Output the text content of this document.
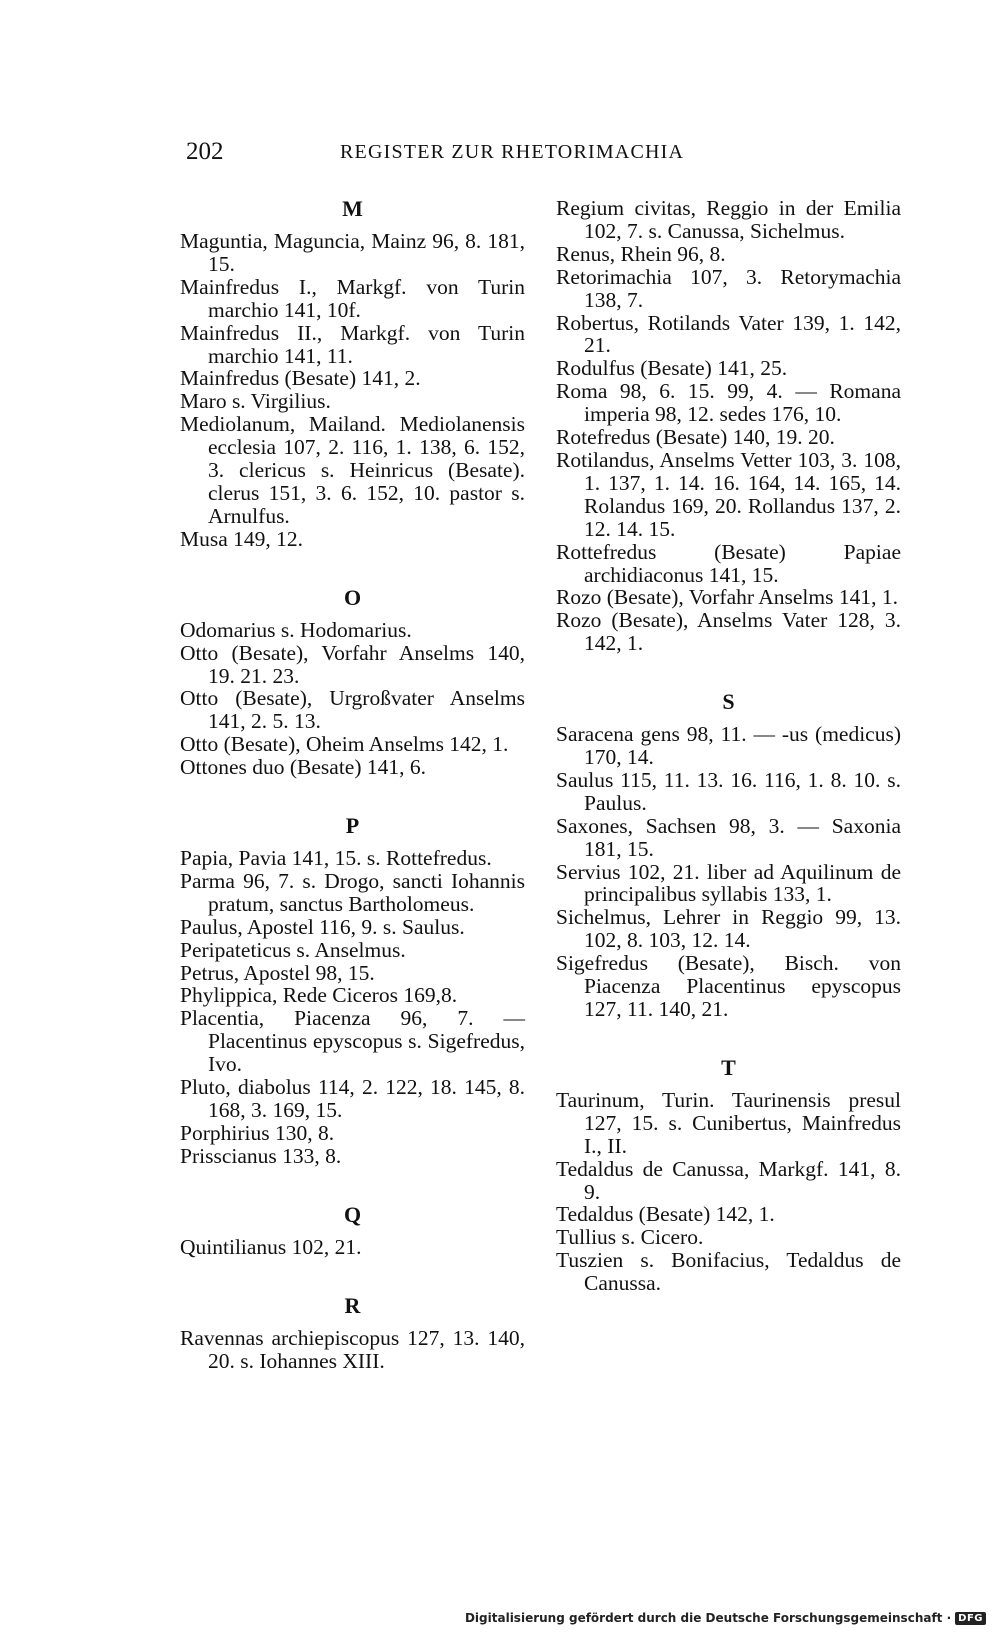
202	REGISTER ZUR RHETORIMACHIA
M
Maguntia, Maguncia, Mainz 96, 8. 181, 15.
Mainfredus I., Markgf. von Turin marchio 141, 10f.
Mainfredus II., Markgf. von Turin marchio 141, 11.
Mainfredus (Besate) 141, 2.
Maro s. Virgilius.
Mediolanum, Mailand. Mediolanensis ecclesia 107, 2. 116, 1. 138, 6. 152, 3. clericus s. Heinricus (Besate). clerus 151, 3. 6. 152, 10. pastor s. Arnulfus.
Musa 149, 12.
O
Odomarius s. Hodomarius.
Otto (Besate), Vorfahr Anselms 140, 19. 21. 23.
Otto (Besate), Urgroßvater Anselms 141, 2. 5. 13.
Otto (Besate), Oheim Anselms 142, 1.
Ottones duo (Besate) 141, 6.
P
Papia, Pavia 141, 15. s. Rottefredus.
Parma 96, 7. s. Drogo, sancti Iohannis pratum, sanctus Bartholomeus.
Paulus, Apostel 116, 9. s. Saulus.
Peripateticus s. Anselmus.
Petrus, Apostel 98, 15.
Phylippica, Rede Ciceros 169,8.
Placentia, Piacenza 96, 7. — Placentinus epyscopus s. Sigefredus, Ivo.
Pluto, diabolus 114, 2. 122, 18. 145, 8. 168, 3. 169, 15.
Porphirius 130, 8.
Prisscianus 133, 8.
Q
Quintilianus 102, 21.
R
Ravennas archiepiscopus 127, 13. 140, 20. s. Iohannes XIII.
Regium civitas, Reggio in der Emilia 102, 7. s. Canussa, Sichelmus.
Renus, Rhein 96, 8.
Retorimachia 107, 3. Retorymachia 138, 7.
Robertus, Rotilands Vater 139, 1. 142, 21.
Rodulfus (Besate) 141, 25.
Roma 98, 6. 15. 99, 4. — Romana imperia 98, 12. sedes 176, 10.
Rotefredus (Besate) 140, 19. 20.
Rotilandus, Anselms Vetter 103, 3. 108, 1. 137, 1. 14. 16. 164, 14. 165, 14. Rolandus 169, 20. Rollandus 137, 2. 12. 14. 15.
Rottefredus (Besate) Papiae archidiaconus 141, 15.
Rozo (Besate), Vorfahr Anselms 141, 1.
Rozo (Besate), Anselms Vater 128, 3. 142, 1.
S
Saracena gens 98, 11. — -us (medicus) 170, 14.
Saulus 115, 11. 13. 16. 116, 1. 8. 10. s. Paulus.
Saxones, Sachsen 98, 3. — Saxonia 181, 15.
Servius 102, 21. liber ad Aquilinum de principalibus syllabis 133, 1.
Sichelmus, Lehrer in Reggio 99, 13. 102, 8. 103, 12. 14.
Sigefredus (Besate), Bisch. von Piacenza Placentinus epyscopus 127, 11. 140, 21.
T
Taurinum, Turin. Taurinensis presul 127, 15. s. Cunibertus, Mainfredus I., II.
Tedaldus de Canussa, Markgf. 141, 8. 9.
Tedaldus (Besate) 142, 1.
Tullius s. Cicero.
Tuszien s. Bonifacius, Tedaldus de Canussa.
Digitalisierung gefördert durch die Deutsche Forschungsgemeinschaft · DFG
